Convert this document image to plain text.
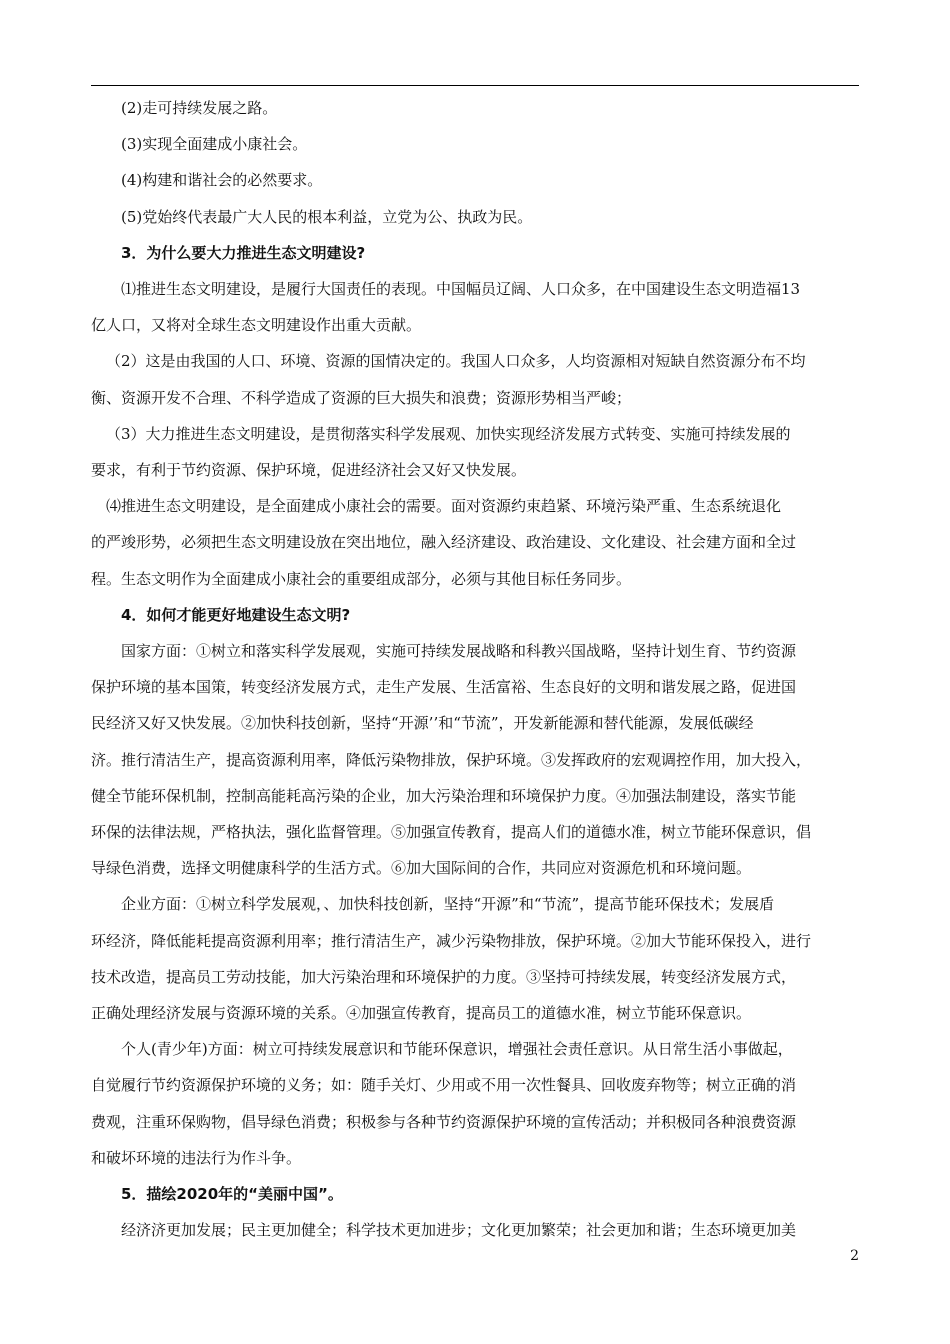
(2)走可持续发展之路。
(3)实现全面建成小康社会。
(4)构建和谐社会的必然要求。
(5)党始终代表最广大人民的根本利益，立党为公、执政为民。
3．为什么要大力推进生态文明建设?
⑴推进生态文明建设，是履行大国责任的表现。中国幅员辽阔、人口众多，在中国建设生态文明造福13
亿人口，又将对全球生态文明建设作出重大贡献。
（2）这是由我国的人口、环境、资源的国情决定的。我国人口众多，人均资源相对短缺自然资源分布不均
衡、资源开发不合理、不科学造成了资源的巨大损失和浪费；资源形势相当严峻；
（3）大力推进生态文明建设，是贯彻落实科学发展观、加快实现经济发展方式转变、实施可持续发展的
要求，有利于节约资源、保护环境，促进经济社会又好又快发展。
⑷推进生态文明建设，是全面建成小康社会的需要。面对资源约束趋紧、环境污染严重、生态系统退化
的严竣形势，必须把生态文明建设放在突出地位，融入经济建设、政治建设、文化建设、社会建方面和全过
程。生态文明作为全面建成小康社会的重要组成部分，必须与其他目标任务同步。
4．如何才能更好地建设生态文明?
国家方面：①树立和落实科学发展观，实施可持续发展战略和科教兴国战略，坚持计划生育、节约资源
保护环境的基本国策，转变经济发展方式，走生产发展、生活富裕、生态良好的文明和谐发展之路，促进国
民经济又好又快发展。②加快科技创新，坚持“开源’’和“节流”，开发新能源和替代能源，发展低碳经
济。推行清洁生产，提高资源利用率，降低污染物排放，保护环境。③发挥政府的宏观调控作用，加大投入，
健全节能环保机制，控制高能耗高污染的企业，加大污染治理和环境保护力度。④加强法制建设，落实节能
环保的法律法规，严格执法，强化监督管理。⑤加强宣传教育，提高人们的道德水准，树立节能环保意识，倡
导绿色消费，选择文明健康科学的生活方式。⑥加大国际间的合作，共同应对资源危机和环境问题。
企业方面：①树立科学发展观，、加快科技创新，坚持“开源”和“节流”，提高节能环保技术；发展盾
环经济，降低能耗提高资源利用率；推行清洁生产，减少污染物排放，保护环境。②加大节能环保投入，进行
技术改造，提高员工劳动技能，加大污染治理和环境保护的力度。③坚持可持续发展，转变经济发展方式，
正确处理经济发展与资源环境的关系。④加强宣传教育，提高员工的道德水准，树立节能环保意识。
个人(青少年)方面：树立可持续发展意识和节能环保意识，增强社会责任意识。从日常生活小事做起，
自觉履行节约资源保护环境的义务；如：随手关灯、少用或不用一次性餐具、回收废弃物等；树立正确的消
费观，注重环保购物，倡导绿色消费；积极参与各种节约资源保护环境的宣传活动；并积极同各种浪费资源
和破坏环境的违法行为作斗争。
5．描绘2020年的“美丽中国”。
经济济更加发展；民主更加健全；科学技术更加进步；文化更加繁荣；社会更加和谐；生态环境更加美
2
